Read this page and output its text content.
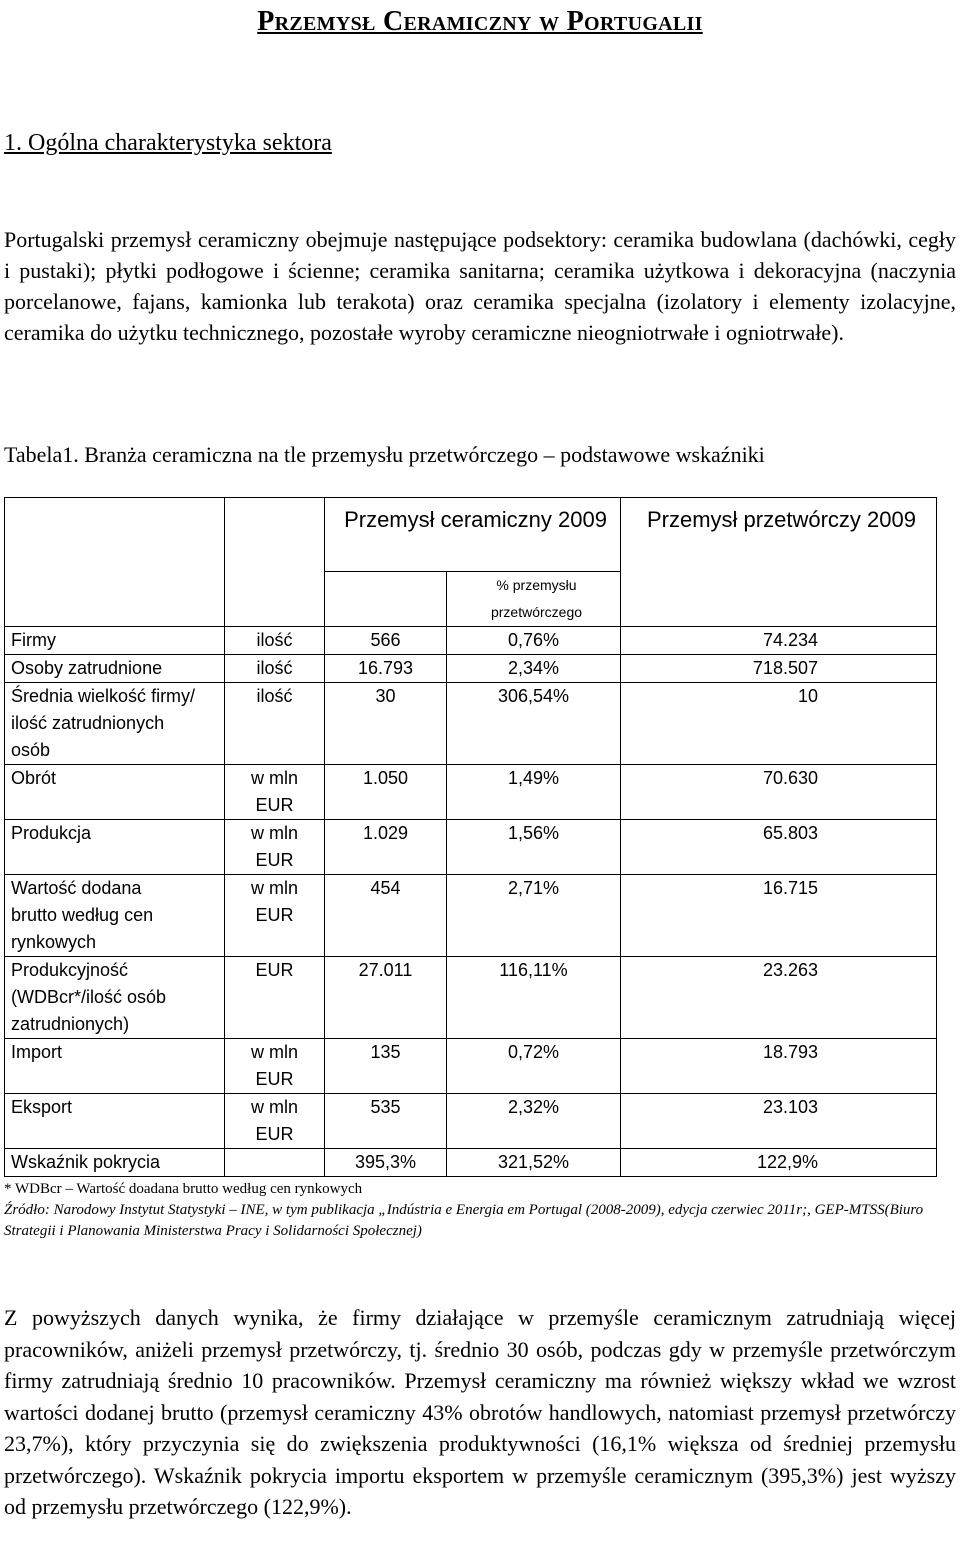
Przemysł Ceramiczny w Portugalii
1. Ogólna charakterystyka sektora
Portugalski przemysł ceramiczny obejmuje następujące podsektory: ceramika budowlana (dachówki, cegły i pustaki); płytki podłogowe i ścienne; ceramika sanitarna; ceramika użytkowa i dekoracyjna (naczynia porcelanowe, fajans, kamionka lub terakota) oraz ceramika specjalna (izolatory i elementy izolacyjne, ceramika do użytku technicznego, pozostałe wyroby ceramiczne nieogniotrwałe i ogniotrwałe).
Tabela1. Branża ceramiczna na tle przemysłu przetwórczego – podstawowe wskaźniki
		Przemysł ceramiczny 2009		Przemysł przetwórczy 2009
			% przemysłu przetwórczego	
Firmy	ilość	566	0,76%	74.234
Osoby zatrudnione	ilość	16.793	2,34%	718.507

Średnia wielkość firmy/ ilość zatrudnionych osób	ilość	30	306,54%	10
Obrót	w mln EUR	1.050	1,49%	70.630
Produkcja	w mln EUR	1.029	1,56%	65.803

Wartość dodana brutto według cen rynkowych	w mln EUR	454	2,71%	16.715

Produkcyjność (WDBcr*/ilość osób zatrudnionych)	EUR	27.011	116,11%	23.263
Import	w mln EUR	135	0,72%	18.793
Eksport	w mln EUR	535	2,32%	23.103
Wskaźnik pokrycia		395,3%	321,52%	122,9%
* WDBcr – Wartość doadana brutto według cen rynkowych
Źródło: Narodowy Instytut Statystyki – INE, w tym publikacja „Indústria e Energia em Portugal (2008-2009), edycja czerwiec 2011r;, GEP-MTSS(Biuro Strategii i Planowania Ministerstwa Pracy i Solidarności Społecznej)
Z powyższych danych wynika, że firmy działające w przemyśle ceramicznym zatrudniają więcej pracowników, aniżeli przemysł przetwórczy, tj. średnio 30 osób, podczas gdy w przemyśle przetwórczym firmy zatrudniają średnio 10 pracowników. Przemysł ceramiczny ma również większy wkład we wzrost wartości dodanej brutto (przemysł ceramiczny 43% obrotów handlowych, natomiast przemysł przetwórczy 23,7%), który przyczynia się do zwiększenia produktywności (16,1% większa od średniej przemysłu przetwórczego). Wskaźnik pokrycia importu eksportem w przemyśle ceramicznym (395,3%) jest wyższy od przemysłu przetwórczego (122,9%).
